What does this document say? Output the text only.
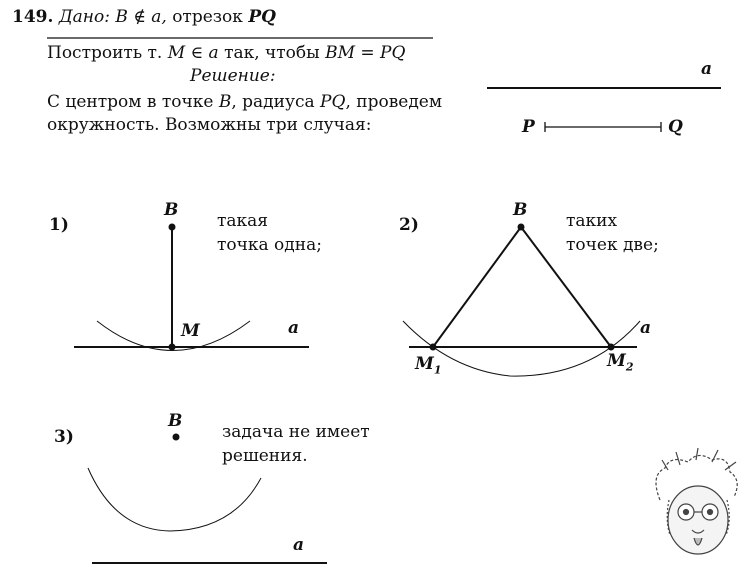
149. Дано: B ∉ a, отрезок PQ
Построить т. M ∈ a так, чтобы BM = PQ
Решение:
С центром в точке B, радиуса PQ, проведем
окружность. Возможны три случая:
a
P	Q
1)
B
M	a
такая
точка одна;
2)
B
a
$M_1$	$M_2$
таких
точек две;
3)
B
a
задача не имеет
решения.
